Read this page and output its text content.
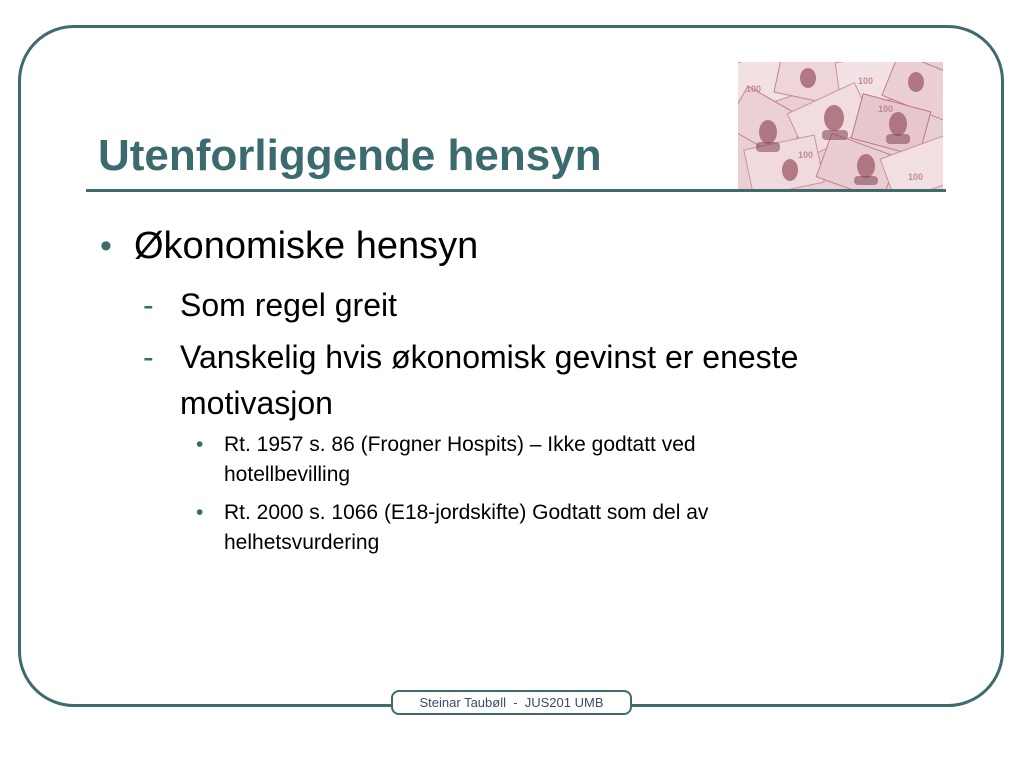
100
100
100
100
100
Utenforliggende hensyn
• Økonomiske hensyn
- Som regel greit
- Vanskelig hvis økonomisk gevinst er eneste motivasjon
• Rt. 1957 s. 86 (Frogner Hospits) – Ikke godtatt ved hotellbevilling
• Rt. 2000 s. 1066 (E18-jordskifte) Godtatt som del av helhetsvurdering
Steinar Taubøll  -  JUS201 UMB
